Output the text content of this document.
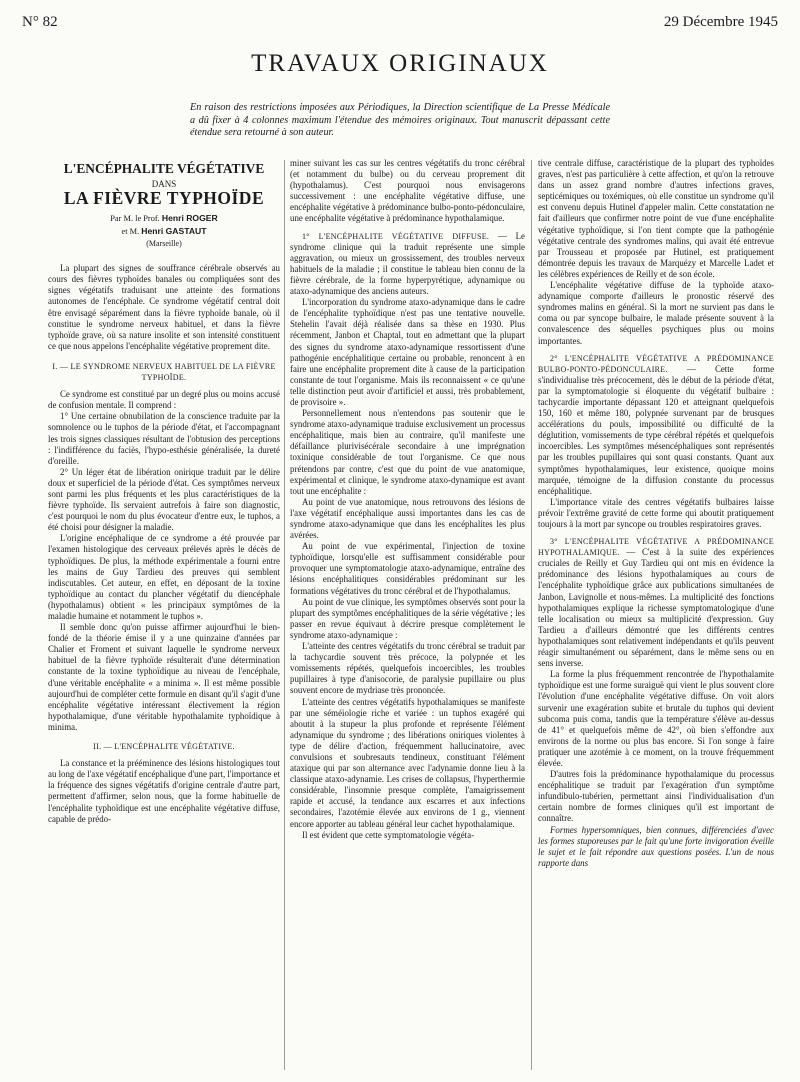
N° 82	29 Décembre 1945
TRAVAUX ORIGINAUX
En raison des restrictions imposées aux Périodiques, la Direction scientifique de La Presse Médicale a dû fixer à 4 colonnes maximum l'étendue des mémoires originaux. Tout manuscrit dépassant cette étendue sera retourné à son auteur.
L'ENCÉPHALITE VÉGÉTATIVE
DANS
LA FIÈVRE TYPHOÏDE
Par M. le Prof. Henri ROGER
et M. Henri GASTAUT
(Marseille)

La plupart des signes de souffrance cérébrale observés au cours des fièvres typhoïdes banales ou compliquées sont des signes végétatifs traduisant une atteinte des formations autonomes de l'encéphale. Ce syndrome végétatif central doit être envisagé séparément dans la fièvre typhoïde banale, où il constitue le syndrome nerveux habituel, et dans la fièvre typhoïde grave, où sa nature insolite et son intensité constituent ce que nous appelons l'encéphalite végétative proprement dite.

I. — LE SYNDROME NERVEUX HABITUEL DE LA FIÈVRE TYPHOÏDE.

Ce syndrome est constitué par un degré plus ou moins accusé de confusion mentale. Il comprend :

1° Une certaine obnubilation de la conscience traduite par la somnolence ou le tuphos de la période d'état, et l'accompagnant les trois signes classiques résultant de l'obtusion des perceptions : l'indifférence du faciès, l'hypo-esthésie généralisée, la dureté d'oreille.

2° Un léger état de libération onirique traduit par le délire doux et superficiel de la période d'état. Ces symptômes nerveux sont parmi les plus fréquents et les plus caractéristiques de la fièvre typhoïde. Ils servaient autrefois à faire son diagnostic, c'est pourquoi le nom du plus évocateur d'entre eux, le tuphos, a été choisi pour désigner la maladie.

L'origine encéphalique de ce syndrome a été prouvée par l'examen histologique des cerveaux prélevés après le décès de typhoïdiques. De plus, la méthode expérimentale a fourni entre les mains de Guy Tardieu des preuves qui semblent indiscutables. Cet auteur, en effet, en déposant de la toxine typhoïdique au contact du plancher végétatif du diencéphale (hypothalamus) obtient « les principaux symptômes de la maladie humaine et notamment le tuphos ».

Il semble donc qu'on puisse affirmer aujourd'hui le bien-fondé de la théorie émise il y a une quinzaine d'années par Chalier et Froment et suivant laquelle le syndrome nerveux habituel de la fièvre typhoïde résulterait d'une détermination constante de la toxine typhoïdique au niveau de l'encéphale, d'une véritable encéphalite « a minima ». Il est même possible aujourd'hui de compléter cette formule en disant qu'il s'agit d'une encéphalite végétative intéressant électivement la région hypothalamique, d'une véritable hypothalamite typhoïdique à minima.

II. — L'ENCÉPHALITE VÉGÉTATIVE.

La constance et la prééminence des lésions histologiques tout au long de l'axe végétatif encéphalique d'une part, l'importance et la fréquence des signes végétatifs d'origine centrale d'autre part, permettent d'affirmer, selon nous, que la forme habituelle de l'encéphalite typhoïdique est une encéphalite végétative diffuse, capable de prédo-

miner suivant les cas sur les centres végétatifs du tronc cérébral (et notamment du bulbe) ou du cerveau proprement dit (hypothalamus). C'est pourquoi nous envisagerons successivement : une encéphalite végétative diffuse, une encéphalite végétative à prédominance bulbo-ponto-pédonculaire, une encéphalite végétative à prédominance hypothalamique.

1° L'ENCÉPHALITE VÉGÉTATIVE DIFFUSE. — Le syndrome clinique qui la traduit représente une simple aggravation, ou mieux un grossissement, des troubles nerveux habituels de la maladie ; il constitue le tableau bien connu de la fièvre cérébrale, de la forme hyperpyrétique, adynamique ou ataxo-adynamique des anciens auteurs.

L'incorporation du syndrome ataxo-adynamique dans le cadre de l'encéphalite typhoïdique n'est pas une tentative nouvelle. Stehelin l'avait déjà réalisée dans sa thèse en 1930. Plus récemment, Janbon et Chaptal, tout en admettant que la plupart des signes du syndrome ataxo-adynamique ressortissent d'une pathogénie encéphalitique certaine ou probable, renoncent à en faire une encéphalite proprement dite à cause de la participation constante de tout l'organisme. Mais ils reconnaissent « ce qu'une telle distinction peut avoir d'artificiel et aussi, très probablement, de provisoire ».

Personnellement nous n'entendons pas soutenir que le syndrome ataxo-adynamique traduise exclusivement un processus encéphalitique, mais bien au contraire, qu'il manifeste une défaillance plurivisécérale secondaire à une imprégnation toxinique considérable de tout l'organisme. Ce que nous prétendons par contre, c'est que du point de vue anatomique, expérimental et clinique, le syndrome ataxo-dynamique est avant tout une encéphalite :

Au point de vue anatomique, nous retrouvons des lésions de l'axe végétatif encéphalique aussi importantes dans les cas de syndrome ataxo-adynamique que dans les encéphalites les plus avérées.

Au point de vue expérimental, l'injection de toxine typhoïdique, lorsqu'elle est suffisamment considérable pour provoquer une symptomatologie ataxo-adynamique, entraîne des lésions encéphalitiques considérables prédominant sur les formations végétatives du tronc cérébral et de l'hypothalamus.

Au point de vue clinique, les symptômes observés sont pour la plupart des symptômes encéphalitiques de la série végétative ; les passer en revue équivaut à décrire presque complètement le syndrome ataxo-adynamique :

L'atteinte des centres végétatifs du tronc cérébral se traduit par la tachycardie souvent très précoce, la polypnée et les vomissements répétés, quelquefois incoercibles, les troubles pupillaires à type d'anisocorie, de paralysie pupillaire ou plus souvent encore de mydriase très prononcée.

L'atteinte des centres végétatifs hypothalamiques se manifeste par une séméiologie riche et variée : un tuphos exagéré qui aboutit à la stupeur la plus profonde et représente l'élément adynamique du syndrome ; des libérations oniriques violentes à type de délire d'action, fréquemment hallucinatoire, avec convulsions et soubresauts tendineux, constituant l'élément ataxique qui par son alternance avec l'adynamie donne lieu à la classique ataxo-adynamie. Les crises de collapsus, l'hyperthermie considérable, l'insomnie presque complète, l'amaigrissement rapide et accusé, la tendance aux escarres et aux infections secondaires, l'azotémie élevée aux environs de 1 g., viennent encore apporter au tableau général leur cachet hypothalamique.

Il est évident que cette symptomatologie végéta-

tive centrale diffuse, caractéristique de la plupart des typhoïdes graves, n'est pas particulière à cette affection, et qu'on la retrouve dans un assez grand nombre d'autres infections graves, septicémiques ou toxémiques, où elle constitue un syndrome qu'il est convenu depuis Hutinel d'appeler malin. Cette constatation ne fait d'ailleurs que confirmer notre point de vue d'une encéphalite végétative typhoïdique, si l'on tient compte que la pathogénie végétative centrale des syndromes malins, qui avait été entrevue par Trousseau et proposée par Hutinel, est pratiquement démontrée depuis les travaux de Marquézy et Marcelle Ladet et les célèbres expériences de Reilly et de son école.

L'encéphalite végétative diffuse de la typhoïde ataxo-adynamique comporte d'ailleurs le pronostic réservé des syndromes malins en général. Si la mort ne survient pas dans le coma ou par syncope bulbaire, le malade présente souvent à la convalescence des séquelles psychiques plus ou moins importantes.

2° L'ENCÉPHALITE VÉGÉTATIVE A PRÉDOMINANCE BULBO-PONTO-PÉDONCULAIRE. — Cette forme s'individualise très précocement, dès le début de la période d'état, par la symptomatologie si éloquente du végétatif bulbaire : tachycardie importante dépassant 120 et atteignant quelquefois 150, 160 et même 180, polypnée survenant par de brusques accélérations du pouls, impossibilité ou difficulté de la déglutition, vomissements de type cérébral répétés et quelquefois incoercibles. Les symptômes mésencéphaliques sont représentés par les troubles pupillaires qui sont quasi constants. Quant aux symptômes hypothalamiques, leur existence, quoique moins marquée, témoigne de la diffusion constante du processus encéphalitique.

L'importance vitale des centres végétatifs bulbaires laisse prévoir l'extrême gravité de cette forme qui aboutit pratiquement toujours à la mort par syncope ou troubles respiratoires graves.

3° L'ENCÉPHALITE VÉGÉTATIVE A PRÉDOMINANCE HYPOTHALAMIQUE. — C'est à la suite des expériences cruciales de Reilly et Guy Tardieu qui ont mis en évidence la prédominance des lésions hypothalamiques au cours de l'encéphalite typhoïdique grâce aux publications simultanées de Janbon, Lavignolle et nous-mêmes. La multiplicité des fonctions hypothalamiques explique la richesse symptomatologique d'une telle localisation ou mieux sa multiplicité d'expression. Guy Tardieu a d'ailleurs démontré que les différents centres hypothalamiques sont relativement indépendants et qu'ils peuvent réagir simultanément ou séparément, dans le même sens ou en sens inverse.

La forme la plus fréquemment rencontrée de l'hypothalamite typhoïdique est une forme suraiguë qui vient le plus souvent clore l'évolution d'une encéphalite végétative diffuse. On voit alors survenir une exagération subite et brutale du tuphos qui devient subcoma puis coma, tandis que la température s'élève au-dessus de 41° et quelquefois même de 42°, où bien s'effondre aux environs de la norme ou plus bas encore. Si l'on songe à faire pratiquer une azotémie à ce moment, on la trouve fréquemment élevée.

D'autres fois la prédominance hypothalamique du processus encéphalitique se traduit par l'exagération d'un symptôme infundibulo-tubérien, permettant ainsi l'individualisation d'un certain nombre de formes cliniques qu'il est important de connaître.

Formes hypersomniques, bien connues, différenciées d'avec les formes stuporeuses par le fait qu'une forte invigoration éveille le sujet et le fait répondre aux questions posées. L'un de nous rapporte dans
